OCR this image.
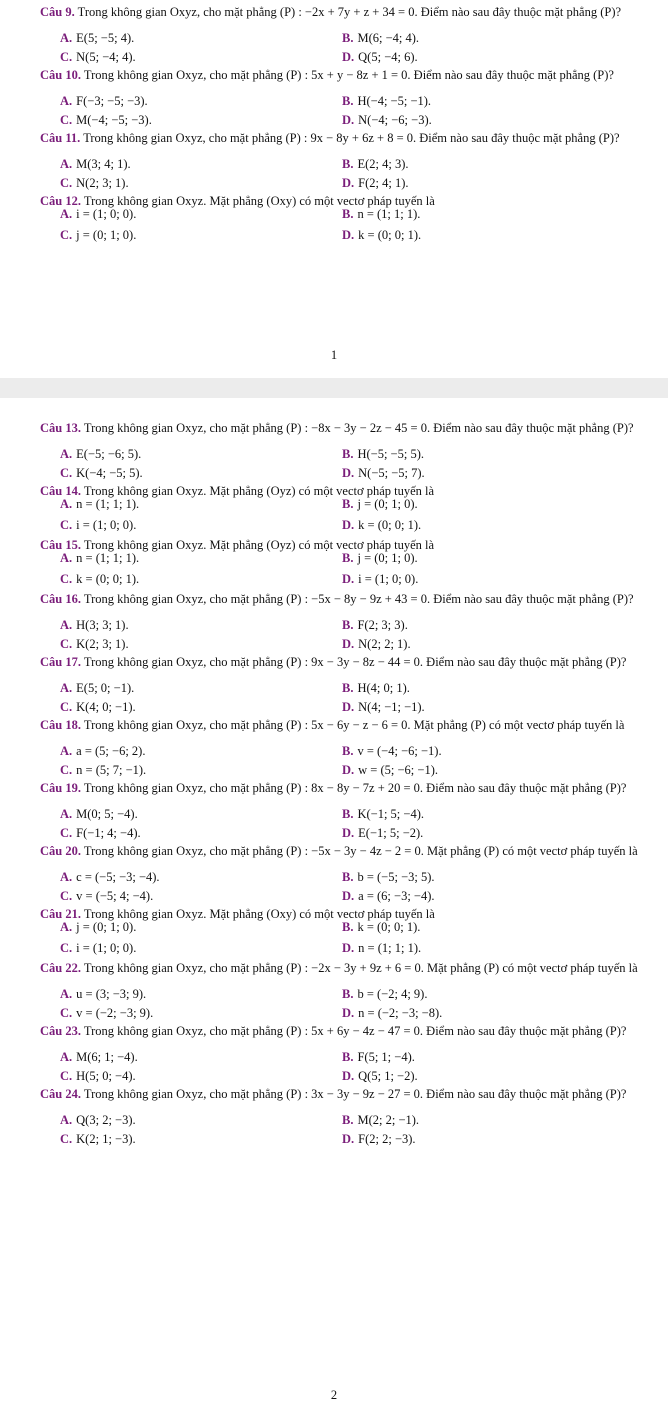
Câu 9. Trong không gian Oxyz, cho mặt phẳng (P) : −2x + 7y + z + 34 = 0. Điểm nào sau đây thuộc mặt phẳng (P)?
A. E(5; −5; 4).	B. M(6; −4; 4).
C. N(5; −4; 4).	D. Q(5; −4; 6).
Câu 10. Trong không gian Oxyz, cho mặt phẳng (P) : 5x + y − 8z + 1 = 0. Điểm nào sau đây thuộc mặt phẳng (P)?
A. F(−3; −5; −3).	B. H(−4; −5; −1).
C. M(−4; −5; −3).	D. N(−4; −6; −3).
Câu 11. Trong không gian Oxyz, cho mặt phẳng (P) : 9x − 8y + 6z + 8 = 0. Điểm nào sau đây thuộc mặt phẳng (P)?
A. M(3; 4; 1).	B. E(2; 4; 3).
C. N(2; 3; 1).	D. F(2; 4; 1).
Câu 12. Trong không gian Oxyz. Mặt phẳng (Oxy) có một vectơ pháp tuyến là
A. i = (1; 0; 0).	B. n = (1; 1; 1).
C. j = (0; 1; 0).	D. k = (0; 0; 1).
1
Câu 13. Trong không gian Oxyz, cho mặt phẳng (P) : −8x − 3y − 2z − 45 = 0. Điểm nào sau đây thuộc mặt phẳng (P)?
A. E(−5; −6; 5).	B. H(−5; −5; 5).
C. K(−4; −5; 5).	D. N(−5; −5; 7).
Câu 14. Trong không gian Oxyz. Mặt phẳng (Oyz) có một vectơ pháp tuyến là
A. n = (1; 1; 1).	B. j = (0; 1; 0).
C. i = (1; 0; 0).	D. k = (0; 0; 1).
Câu 15. Trong không gian Oxyz. Mặt phẳng (Oyz) có một vectơ pháp tuyến là
A. n = (1; 1; 1).	B. j = (0; 1; 0).
C. k = (0; 0; 1).	D. i = (1; 0; 0).
Câu 16. Trong không gian Oxyz, cho mặt phẳng (P) : −5x − 8y − 9z + 43 = 0. Điểm nào sau đây thuộc mặt phẳng (P)?
A. H(3; 3; 1).	B. F(2; 3; 3).
C. K(2; 3; 1).	D. N(2; 2; 1).
Câu 17. Trong không gian Oxyz, cho mặt phẳng (P) : 9x − 3y − 8z − 44 = 0. Điểm nào sau đây thuộc mặt phẳng (P)?
A. E(5; 0; −1).	B. H(4; 0; 1).
C. K(4; 0; −1).	D. N(4; −1; −1).
Câu 18. Trong không gian Oxyz, cho mặt phẳng (P) : 5x − 6y − z − 6 = 0. Mặt phẳng (P) có một vectơ pháp tuyến là
A. a = (5; −6; 2).	B. v = (−4; −6; −1).
C. n = (5; 7; −1).	D. w = (5; −6; −1).
Câu 19. Trong không gian Oxyz, cho mặt phẳng (P) : 8x − 8y − 7z + 20 = 0. Điểm nào sau đây thuộc mặt phẳng (P)?
A. M(0; 5; −4).	B. K(−1; 5; −4).
C. F(−1; 4; −4).	D. E(−1; 5; −2).
Câu 20. Trong không gian Oxyz, cho mặt phẳng (P) : −5x − 3y − 4z − 2 = 0. Mặt phẳng (P) có một vectơ pháp tuyến là
A. c = (−5; −3; −4).	B. b = (−5; −3; 5).
C. v = (−5; 4; −4).	D. a = (6; −3; −4).
Câu 21. Trong không gian Oxyz. Mặt phẳng (Oxy) có một vectơ pháp tuyến là
A. j = (0; 1; 0).	B. k = (0; 0; 1).
C. i = (1; 0; 0).	D. n = (1; 1; 1).
Câu 22. Trong không gian Oxyz, cho mặt phẳng (P) : −2x − 3y + 9z + 6 = 0. Mặt phẳng (P) có một vectơ pháp tuyến là
A. u = (3; −3; 9).	B. b = (−2; 4; 9).
C. v = (−2; −3; 9).	D. n = (−2; −3; −8).
Câu 23. Trong không gian Oxyz, cho mặt phẳng (P) : 5x + 6y − 4z − 47 = 0. Điểm nào sau đây thuộc mặt phẳng (P)?
A. M(6; 1; −4).	B. F(5; 1; −4).
C. H(5; 0; −4).	D. Q(5; 1; −2).
Câu 24. Trong không gian Oxyz, cho mặt phẳng (P) : 3x − 3y − 9z − 27 = 0. Điểm nào sau đây thuộc mặt phẳng (P)?
A. Q(3; 2; −3).	B. M(2; 2; −1).
C. K(2; 1; −3).	D. F(2; 2; −3).
2
